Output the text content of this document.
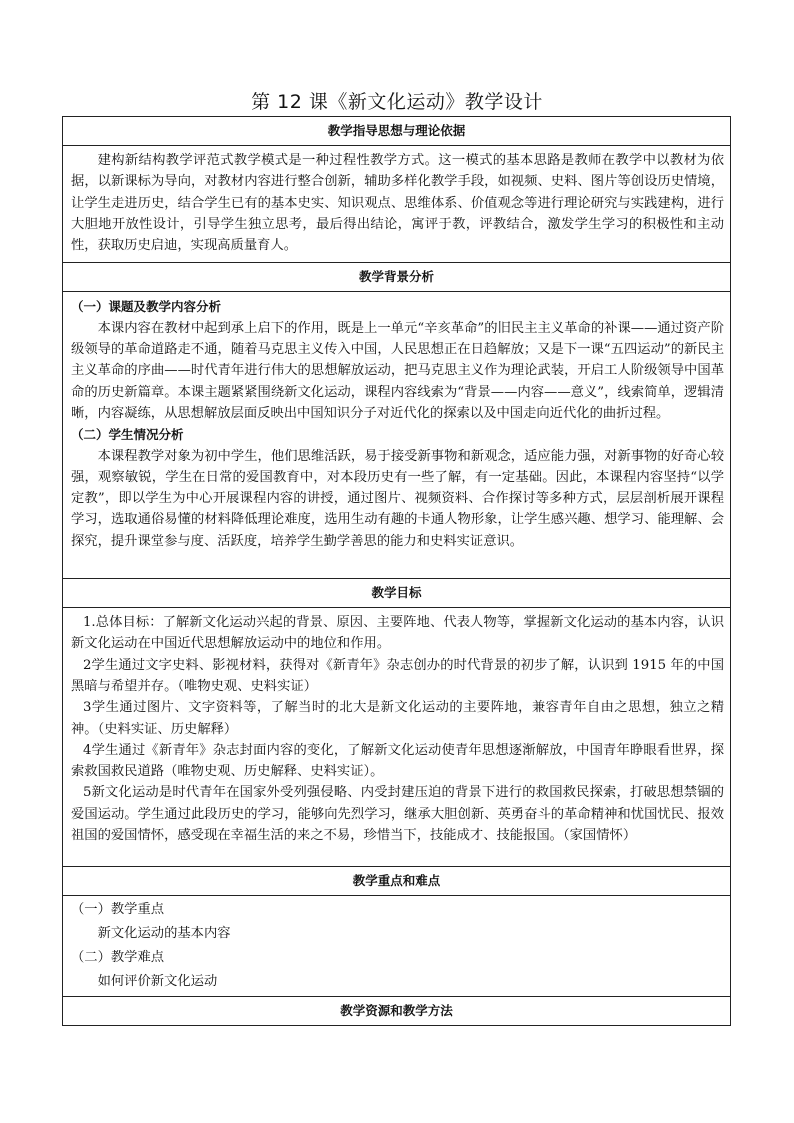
第 12 课《新文化运动》教学设计
教学指导思想与理论依据

建构新结构教学评范式教学模式是一种过程性教学方式。这一模式的基本思路是教师在教学中以教材为依据，以新课标为导向，对教材内容进行整合创新，辅助多样化教学手段，如视频、史料、图片等创设历史情境，让学生走进历史，结合学生已有的基本史实、知识观点、思维体系、价值观念等进行理论研究与实践建构，进行大胆地开放性设计，引导学生独立思考，最后得出结论，寓评于教，评教结合，激发学生学习的积极性和主动性，获取历史启迪，实现高质量育人。

教学背景分析

（一）课题及教学内容分析

本课内容在教材中起到承上启下的作用，既是上一单元“辛亥革命”的旧民主主义革命的补课——通过资产阶级领导的革命道路走不通，随着马克思主义传入中国，人民思想正在日趋解放；又是下一课“五四运动”的新民主主义革命的序曲——时代青年进行伟大的思想解放运动，把马克思主义作为理论武装，开启工人阶级领导中国革命的历史新篇章。本课主题紧紧围绕新文化运动，课程内容线索为“背景——内容——意义”，线索简单，逻辑清晰，内容凝练，从思想解放层面反映出中国知识分子对近代化的探索以及中国走向近代化的曲折过程。

（二）学生情况分析

本课程教学对象为初中学生，他们思维活跃，易于接受新事物和新观念，适应能力强，对新事物的好奇心较强，观察敏锐，学生在日常的爱国教育中，对本段历史有一些了解，有一定基础。因此，本课程内容坚持“以学定教”，即以学生为中心开展课程内容的讲授，通过图片、视频资料、合作探讨等多种方式，层层剖析展开课程学习，选取通俗易懂的材料降低理论难度，选用生动有趣的卡通人物形象，让学生感兴趣、想学习、能理解、会探究，提升课堂参与度、活跃度，培养学生勤学善思的能力和史料实证意识。

教学目标

1.总体目标：了解新文化运动兴起的背景、原因、主要阵地、代表人物等，掌握新文化运动的基本内容，认识新文化运动在中国近代思想解放运动中的地位和作用。

2学生通过文字史料、影视材料，获得对《新青年》杂志创办的时代背景的初步了解，认识到 1915 年的中国黑暗与希望并存。（唯物史观、史料实证）

3学生通过图片、文字资料等，了解当时的北大是新文化运动的主要阵地，兼容青年自由之思想，独立之精神。（史料实证、历史解释）

4学生通过《新青年》杂志封面内容的变化，了解新文化运动使青年思想逐渐解放，中国青年睁眼看世界，探索救国救民道路（唯物史观、历史解释、史料实证）。

5新文化运动是时代青年在国家外受列强侵略、内受封建压迫的背景下进行的救国救民探索，打破思想禁锢的爱国运动。学生通过此段历史的学习，能够向先烈学习，继承大胆创新、英勇奋斗的革命精神和忧国忧民、报效祖国的爱国情怀，感受现在幸福生活的来之不易，珍惜当下，技能成才、技能报国。（家国情怀）

教学重点和难点

（一）教学重点

新文化运动的基本内容

（二）教学难点

如何评价新文化运动

教学资源和教学方法
